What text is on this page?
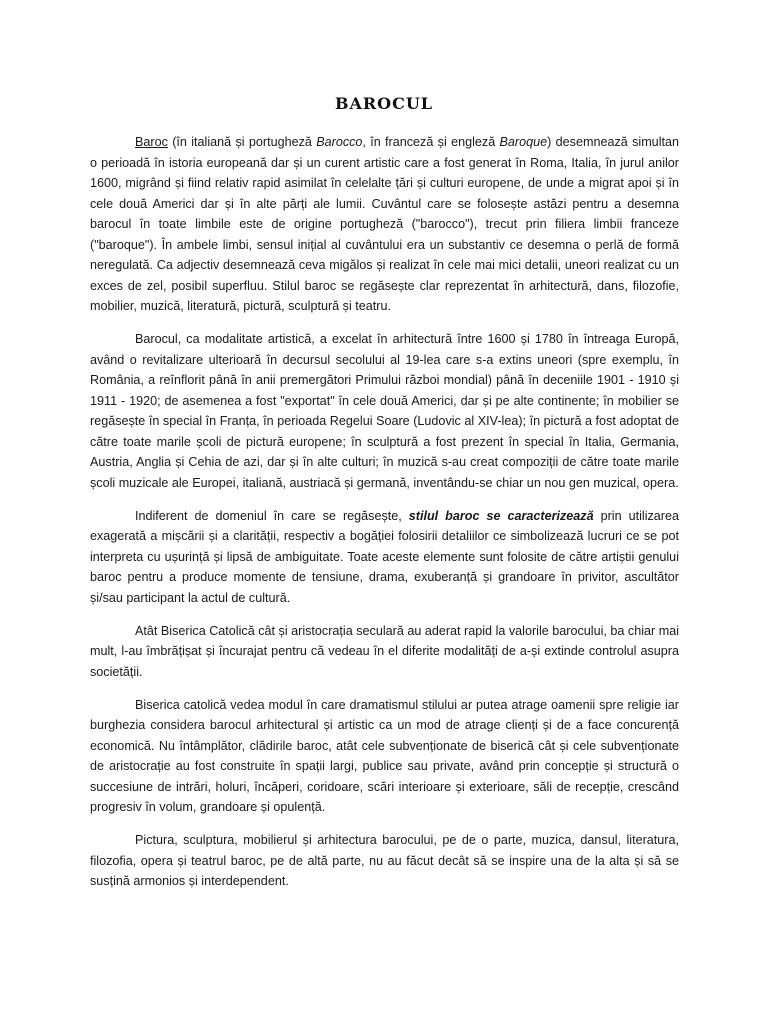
BAROCUL

Baroc (în italiană și portugheză Barocco, în franceză și engleză Baroque) desemnează simultan o perioadă în istoria europeană dar și un curent artistic care a fost generat în Roma, Italia, în jurul anilor 1600, migrând și fiind relativ rapid asimilat în celelalte țări și culturi europene, de unde a migrat apoi și în cele două Americi dar și în alte părți ale lumii. Cuvântul care se folosește astăzi pentru a desemna barocul în toate limbile este de origine portugheză ("barocco"), trecut prin filiera limbii franceze ("baroque"). În ambele limbi, sensul inițial al cuvântului era un substantiv ce desemna o perlă de formă neregulată. Ca adjectiv desemnează ceva migălos și realizat în cele mai mici detalii, uneori realizat cu un exces de zel, posibil superfluu. Stilul baroc se regăsește clar reprezentat în arhitectură, dans, filozofie, mobilier, muzică, literatură, pictură, sculptură și teatru.

Barocul, ca modalitate artistică, a excelat în arhitectură între 1600 și 1780 în întreaga Europă, având o revitalizare ulterioară în decursul secolului al 19-lea care s-a extins uneori (spre exemplu, în România, a reînflorit până în anii premergători Primului război mondial) până în deceniile 1901 - 1910 și 1911 - 1920; de asemenea a fost "exportat" în cele două Americi, dar și pe alte continente; în mobilier se regăsește în special în Franța, în perioada Regelui Soare (Ludovic al XIV-lea); în pictură a fost adoptat de către toate marile școli de pictură europene; în sculptură a fost prezent în special în Italia, Germania, Austria, Anglia și Cehia de azi, dar și în alte culturi; în muzică s-au creat compoziții de către toate marile școli muzicale ale Europei, italiană, austriacă și germană, inventându-se chiar un nou gen muzical, opera.

Indiferent de domeniul în care se regăsește, stilul baroc se caracterizează prin utilizarea exagerată a mișcării și a clarității, respectiv a bogăției folosirii detaliilor ce simbolizează lucruri ce se pot interpreta cu ușurință și lipsă de ambiguitate. Toate aceste elemente sunt folosite de către artiștii genului baroc pentru a produce momente de tensiune, drama, exuberanță și grandoare în privitor, ascultător și/sau participant la actul de cultură.

Atât Biserica Catolică cât și aristocrația seculară au aderat rapid la valorile barocului, ba chiar mai mult, l-au îmbrățișat și încurajat pentru că vedeau în el diferite modalități de a-și extinde controlul asupra societății.

Biserica catolică vedea modul în care dramatismul stilului ar putea atrage oamenii spre religie iar burghezia considera barocul arhitectural și artistic ca un mod de atrage clienți și de a face concurență economică. Nu întâmplător, clădirile baroc, atât cele subvenționate de biserică cât și cele subvenționate de aristocrație au fost construite în spații largi, publice sau private, având prin concepție și structură o succesiune de intrări, holuri, încăperi, coridoare, scări interioare și exterioare, săli de recepție, crescând progresiv în volum, grandoare și opulență.

Pictura, sculptura, mobilierul și arhitectura barocului, pe de o parte, muzica, dansul, literatura, filozofia, opera și teatrul baroc, pe de altă parte, nu au făcut decât să se inspire una de la alta și să se susțină armonios și interdependent.
